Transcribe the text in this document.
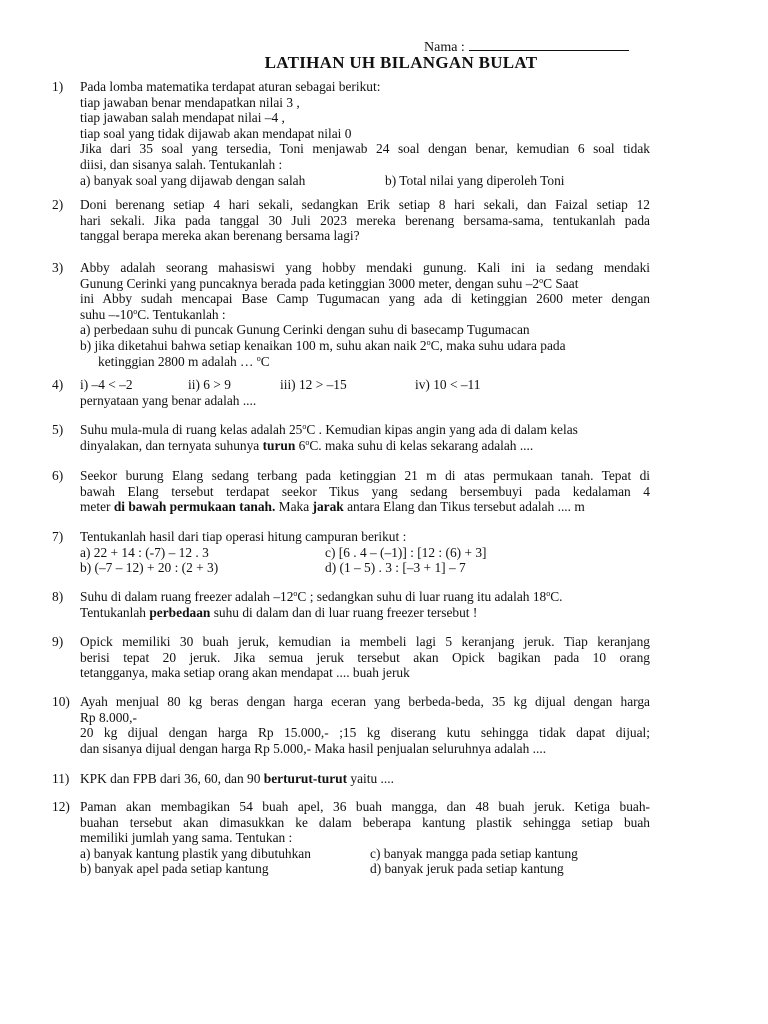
Nama :
LATIHAN UH BILANGAN BULAT
1) Pada lomba matematika terdapat aturan sebagai berikut:
tiap jawaban benar mendapatkan nilai 3 ,
tiap jawaban salah mendapat nilai –4 ,
tiap soal yang tidak dijawab akan mendapat nilai 0
Jika dari 35 soal yang tersedia, Toni menjawab 24 soal dengan benar, kemudian 6 soal tidak
diisi, dan sisanya salah. Tentukanlah :
a) banyak soal yang dijawab dengan salah	b) Total nilai yang diperoleh Toni
2) Doni berenang setiap 4 hari sekali, sedangkan Erik setiap 8 hari sekali, dan Faizal setiap 12
hari sekali. Jika pada tanggal 30 Juli 2023 mereka berenang bersama-sama, tentukanlah pada
tanggal berapa mereka akan berenang bersama lagi?
3) Abby adalah seorang mahasiswi yang hobby mendaki gunung. Kali ini ia sedang mendaki
Gunung Cerinki yang puncaknya berada pada ketinggian 3000 meter, dengan suhu –2$^o$C Saat
ini Abby sudah mencapai Base Camp Tugumacan yang ada di ketinggian 2600 meter dengan
suhu –-10$^o$C. Tentukanlah :
a) perbedaan suhu di puncak Gunung Cerinki dengan suhu di basecamp Tugumacan
b) jika diketahui bahwa setiap kenaikan 100 m, suhu akan naik 2$^o$C, maka suhu udara pada
ketinggian 2800 m adalah … $^o$C
4) i) –4 < –2	ii) 6 > 9	iii) 12 > –15	iv) 10 < –11
pernyataan yang benar adalah ....
5) Suhu mula-mula di ruang kelas adalah 25$^o$C . Kemudian kipas angin yang ada di dalam kelas
dinyalakan, dan ternyata suhunya turun 6$^o$C. maka suhu di kelas sekarang adalah ....
6) Seekor burung Elang sedang terbang pada ketinggian 21 m di atas permukaan tanah. Tepat di
bawah Elang tersebut terdapat seekor Tikus yang sedang bersembuyi pada kedalaman 4
meter di bawah permukaan tanah. Maka jarak antara Elang dan Tikus tersebut adalah .... m
7) Tentukanlah hasil dari tiap operasi hitung campuran berikut :
a) 22 + 14 : (-7) – 12 . 3	c) [6 . 4 – (–1)] : [12 : (6) + 3]
b) (–7 – 12) + 20 : (2 + 3)	d) (1 – 5) . 3 : [–3 + 1] – 7
8) Suhu di dalam ruang freezer adalah –12$^o$C ; sedangkan suhu di luar ruang itu adalah 18$^o$C.
Tentukanlah perbedaan suhu di dalam dan di luar ruang freezer tersebut !
9) Opick memiliki 30 buah jeruk, kemudian ia membeli lagi 5 keranjang jeruk. Tiap keranjang
berisi tepat 20 jeruk. Jika semua jeruk tersebut akan Opick bagikan pada 10 orang
tetangganya, maka setiap orang akan mendapat .... buah jeruk
10) Ayah menjual 80 kg beras dengan harga eceran yang berbeda-beda, 35 kg dijual dengan harga
Rp 8.000,-
20 kg dijual dengan harga Rp 15.000,- ;15 kg diserang kutu sehingga tidak dapat dijual;
dan sisanya dijual dengan harga Rp 5.000,- Maka hasil penjualan seluruhnya adalah ....
11) KPK dan FPB dari 36, 60, dan 90 berturut-turut yaitu ....
12) Paman akan membagikan 54 buah apel, 36 buah mangga, dan 48 buah jeruk. Ketiga buah-
buahan tersebut akan dimasukkan ke dalam beberapa kantung plastik sehingga setiap buah
memiliki jumlah yang sama. Tentukan :
a) banyak kantung plastik yang dibutuhkan	c) banyak mangga pada setiap kantung
b) banyak apel pada setiap kantung	d) banyak jeruk pada setiap kantung
